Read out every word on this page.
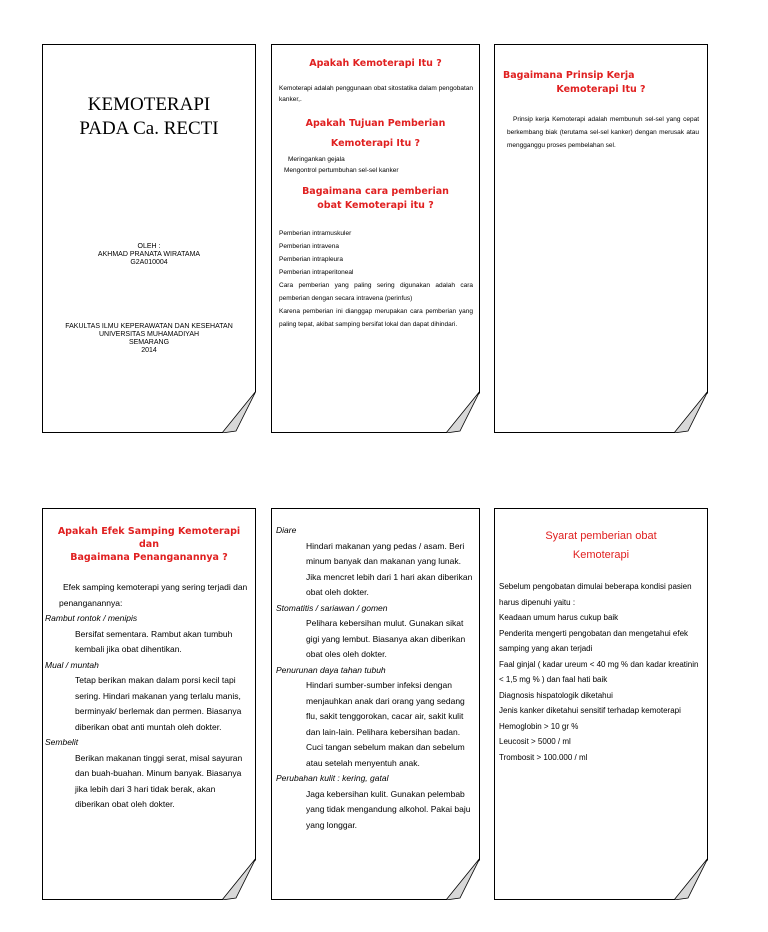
KEMOTERAPI
PADA Ca. RECTI
OLEH :
AKHMAD PRANATA WIRATAMA
G2A010004
FAKULTAS ILMU KEPERAWATAN DAN KESEHATAN
UNIVERSITAS MUHAMADIYAH
SEMARANG
2014
Apakah Kemoterapi Itu ?
Kemoterapi adalah penggunaan obat sitostatika dalam pengobatan kanker,.
Apakah Tujuan Pemberian
Kemoterapi Itu ?
Meringankan gejala
Mengontrol pertumbuhan sel-sel kanker
Bagaimana cara pemberian
obat Kemoterapi itu ?
Pemberian intramuskuler
Pemberian intravena
Pemberian intrapleura
Pemberian intraperitoneal
Cara pemberian yang paling sering digunakan adalah cara pemberian dengan secara intravena (perinfus)
Karena pemberian ini dianggap merupakan cara pemberian yang paling tepat, akibat samping bersifat lokal dan dapat dihindari.
Bagaimana Prinsip Kerja
Kemoterapi Itu ?
Prinsip kerja Kemoterapi adalah membunuh sel-sel yang cepat berkembang biak (terutama sel-sel kanker) dengan merusak atau mengganggu proses pembelahan sel.
Apakah Efek Samping Kemoterapi
dan
Bagaimana Penanganannya ?
Efek samping kemoterapi yang sering terjadi dan penanganannya:
Rambut rontok / menipis
Bersifat sementara. Rambut akan tumbuh kembali jika obat dihentikan.
Mual / muntah
Tetap berikan makan dalam porsi kecil tapi sering. Hindari makanan yang terlalu manis, berminyak/ berlemak dan permen. Biasanya diberikan obat anti muntah oleh dokter.
Sembelit
Berikan makanan tinggi serat, misal sayuran dan buah-buahan. Minum banyak. Biasanya jika lebih dari 3 hari tidak berak, akan diberikan obat oleh dokter.
Diare
Hindari makanan yang pedas / asam. Beri minum banyak dan makanan yang lunak. Jika mencret lebih dari 1 hari akan diberikan obat oleh dokter.
Stomatitis / sariawan / gomen
Pelihara kebersihan mulut. Gunakan sikat gigi yang lembut. Biasanya akan diberikan obat oles oleh dokter.
Penurunan daya tahan tubuh
Hindari sumber-sumber infeksi dengan menjauhkan anak dari orang yang sedang flu, sakit tenggorokan, cacar air, sakit kulit dan lain-lain. Pelihara kebersihan badan. Cuci tangan sebelum makan dan sebelum atau setelah menyentuh anak.
Perubahan kulit : kering, gatal
Jaga kebersihan kulit. Gunakan pelembab yang tidak mengandung alkohol. Pakai baju yang longgar.
Syarat pemberian obat
Kemoterapi
Sebelum pengobatan dimulai beberapa kondisi pasien harus dipenuhi yaitu :
Keadaan umum harus cukup baik
Penderita mengerti pengobatan dan mengetahui efek samping yang akan terjadi
Faal ginjal ( kadar ureum < 40 mg % dan kadar kreatinin < 1,5 mg % ) dan faal hati baik
Diagnosis hispatologik diketahui
Jenis kanker diketahui sensitif terhadap kemoterapi
Hemoglobin > 10 gr %
Leucosit > 5000 / ml
Trombosit > 100.000 / ml
